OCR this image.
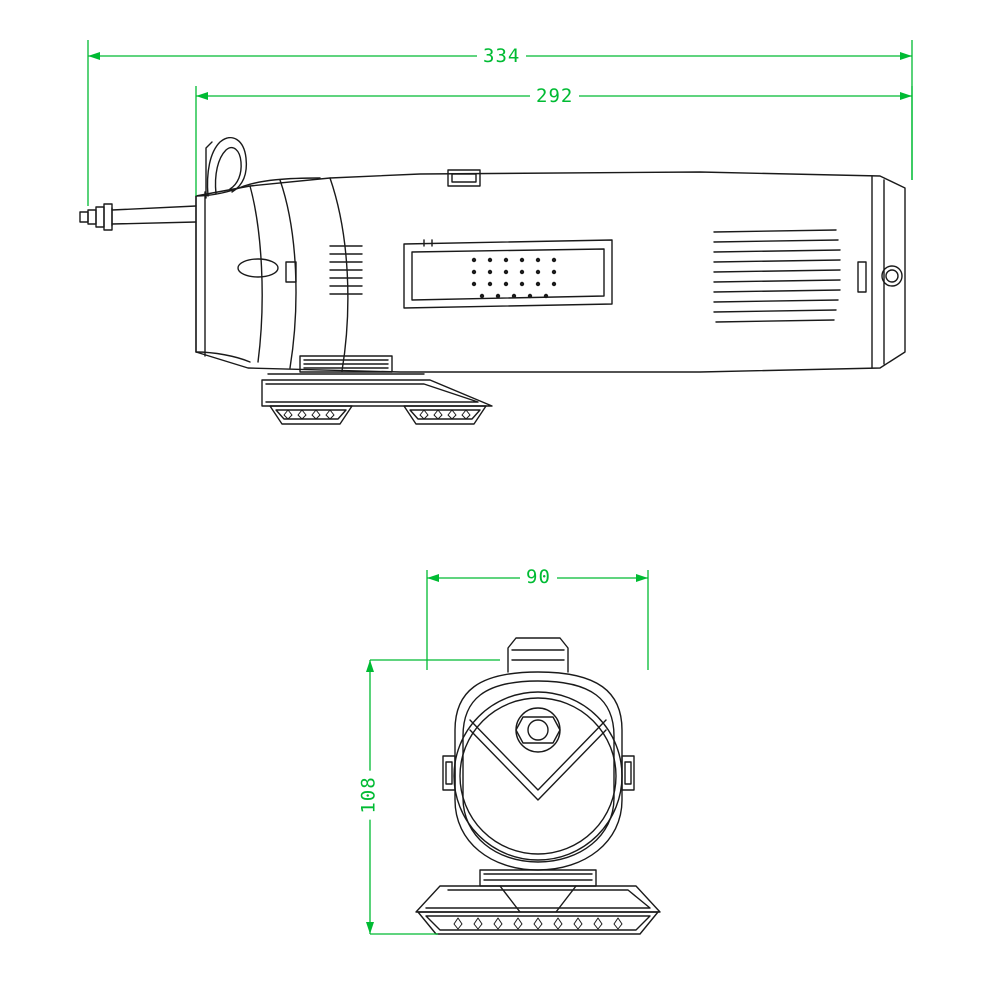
334
292
90
108
